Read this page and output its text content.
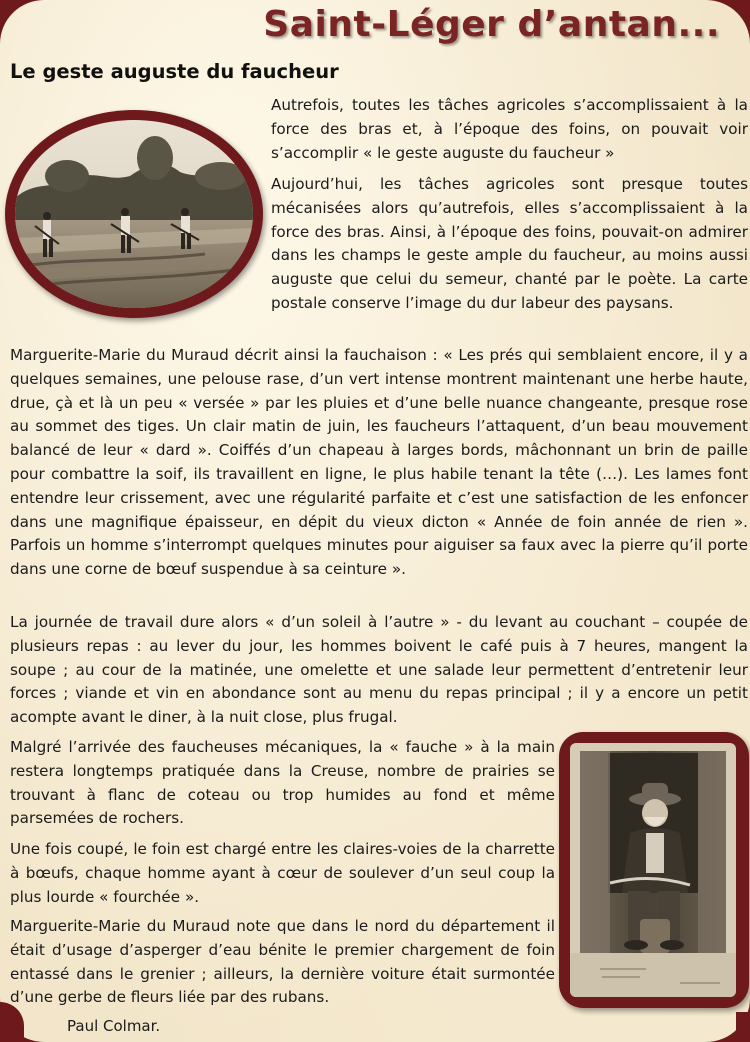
Saint-Léger d’antan...
Le geste auguste du faucheur

Autrefois, toutes les tâches agricoles s’accomplissaient à la force des bras et, à l’époque des foins, on pouvait voir s’accomplir « le geste auguste du faucheur »

Aujourd’hui, les tâches agricoles sont presque toutes mécanisées alors qu’autrefois, elles s’accomplissaient à la force des bras. Ainsi, à l’époque des foins, pouvait-on admirer dans les champs le geste ample du faucheur, au moins aussi auguste que celui du semeur, chanté par le poète. La carte postale conserve l’image du dur labeur des paysans.

Marguerite-Marie du Muraud décrit ainsi la fauchaison : « Les prés qui semblaient encore, il y a quelques semaines, une pelouse rase, d’un vert intense montrent maintenant une herbe haute, drue, çà et là un peu « versée » par les pluies et d’une belle nuance changeante, presque rose au sommet des tiges. Un clair matin de juin, les faucheurs l’attaquent, d’un beau mouvement balancé de leur « dard ». Coiffés d’un chapeau à larges bords, mâchonnant un brin de paille pour combattre la soif, ils travaillent en ligne, le plus habile tenant la tête (…). Les lames font entendre leur crissement, avec une régularité parfaite et c’est une satisfaction de les enfoncer dans une magnifique épaisseur, en dépit du vieux dicton « Année de foin année de rien ». Parfois un homme s’interrompt quelques minutes pour aiguiser sa faux avec la pierre qu’il porte dans une corne de bœuf suspendue à sa ceinture ».

La journée de travail dure alors « d’un soleil à l’autre » - du levant au couchant – coupée de plusieurs repas : au lever du jour, les hommes boivent le café puis à 7 heures, mangent la soupe ; au cour de la matinée, une omelette et une salade leur permettent d’entretenir leur forces ; viande et vin en abondance sont au menu du repas principal ; il y a encore un petit acompte avant le diner, à la nuit close, plus frugal.

Malgré l’arrivée des faucheuses mécaniques, la « fauche » à la main restera longtemps pratiquée dans la Creuse, nombre de prairies se trouvant à flanc de coteau ou trop humides au fond et même parsemées de rochers.

Une fois coupé, le foin est chargé entre les claires-voies de la charrette à bœufs, chaque homme ayant à cœur de soulever d’un seul coup la plus lourde « fourchée ».

Marguerite-Marie du Muraud note que dans le nord du département il était d’usage d’asperger d’eau bénite le premier chargement de foin entassé dans le grenier ; ailleurs, la dernière voiture était surmontée d’une gerbe de fleurs liée par des rubans.

Paul Colmar.
